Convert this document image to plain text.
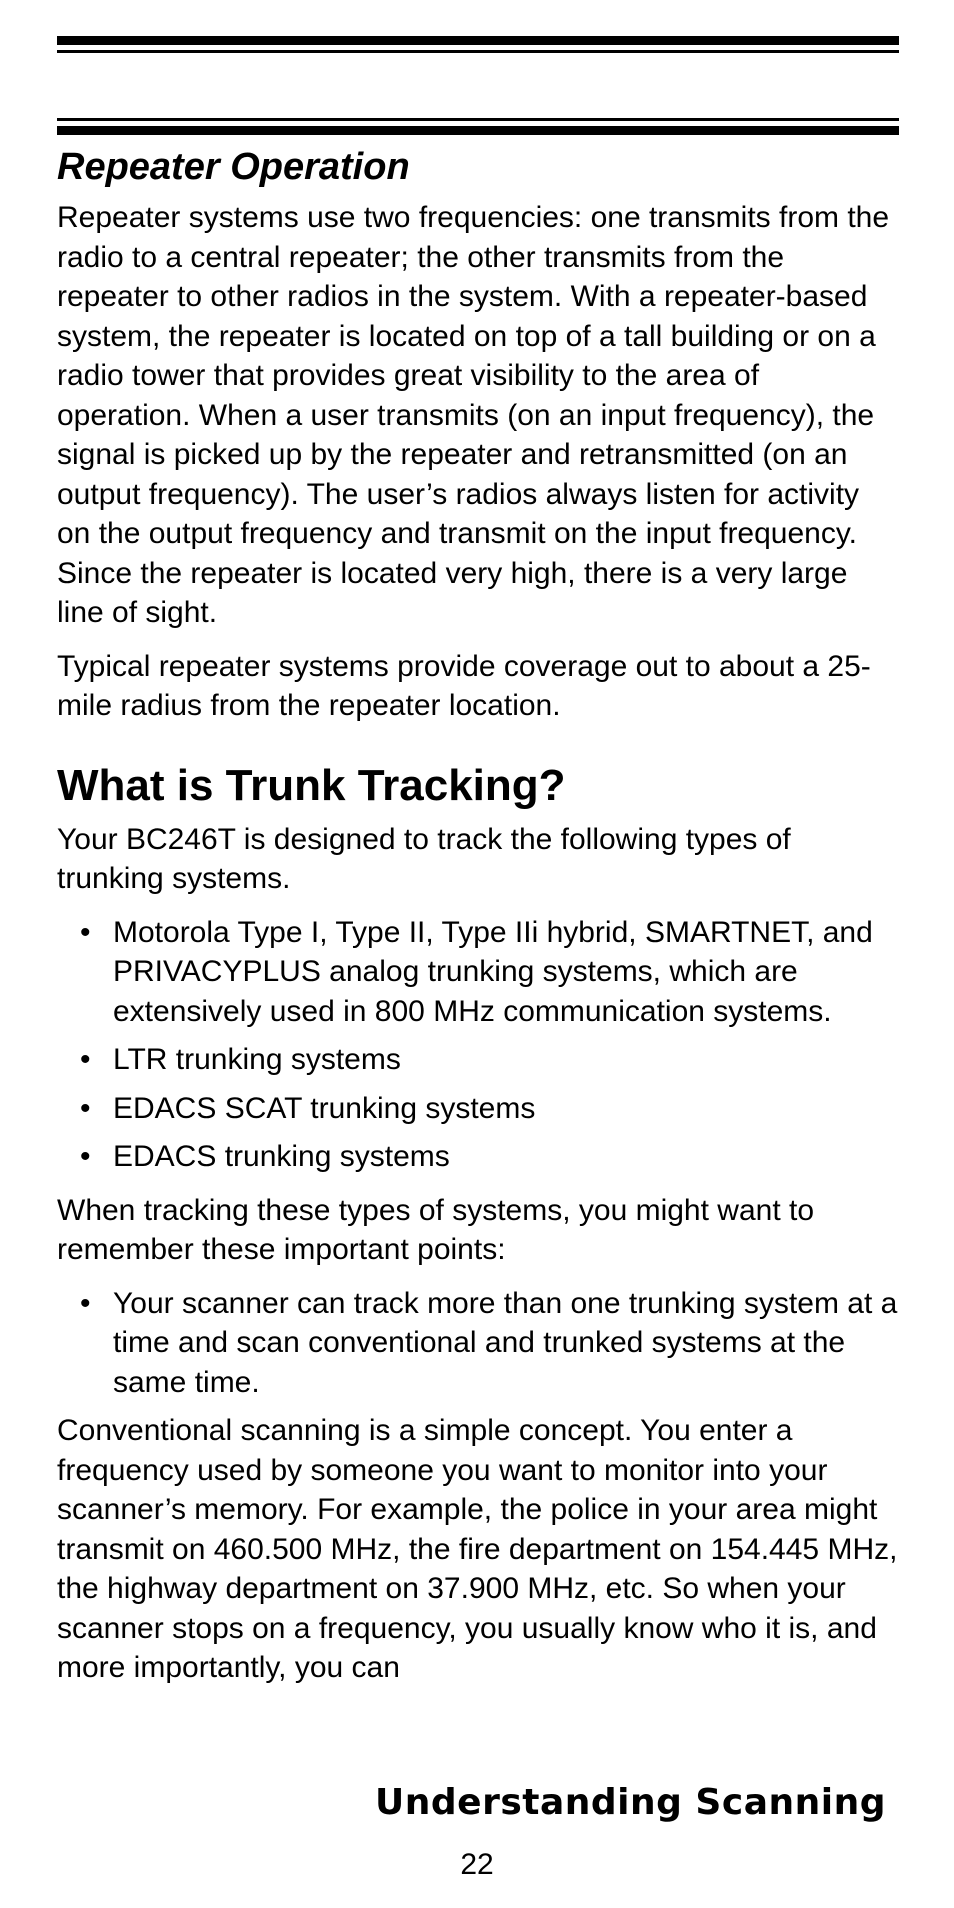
Repeater Operation

Repeater systems use two frequencies: one transmits from the radio to a central repeater; the other transmits from the repeater to other radios in the system. With a repeater-based system, the repeater is located on top of a tall building or on a radio tower that provides great visibility to the area of operation. When a user transmits (on an input frequency), the signal is picked up by the repeater and retransmitted (on an output frequency). The user’s radios always listen for activity on the output frequency and transmit on the input frequency. Since the repeater is located very high, there is a very large line of sight.

Typical repeater systems provide coverage out to about a 25-mile radius from the repeater location.

What is Trunk Tracking?

Your BC246T is designed to track the following types of trunking systems.

• Motorola Type I, Type II, Type IIi hybrid, SMARTNET, and PRIVACYPLUS analog trunking systems, which are extensively used in 800 MHz communication systems.
• LTR trunking systems
• EDACS SCAT trunking systems
• EDACS trunking systems

When tracking these types of systems, you might want to remember these important points:

• Your scanner can track more than one trunking system at a time and scan conventional and trunked systems at the same time.

Conventional scanning is a simple concept. You enter a frequency used by someone you want to monitor into your scanner’s memory. For example, the police in your area might transmit on 460.500 MHz, the fire department on 154.445 MHz, the highway department on 37.900 MHz, etc. So when your scanner stops on a frequency, you usually know who it is, and more importantly, you can

Understanding Scanning
22
